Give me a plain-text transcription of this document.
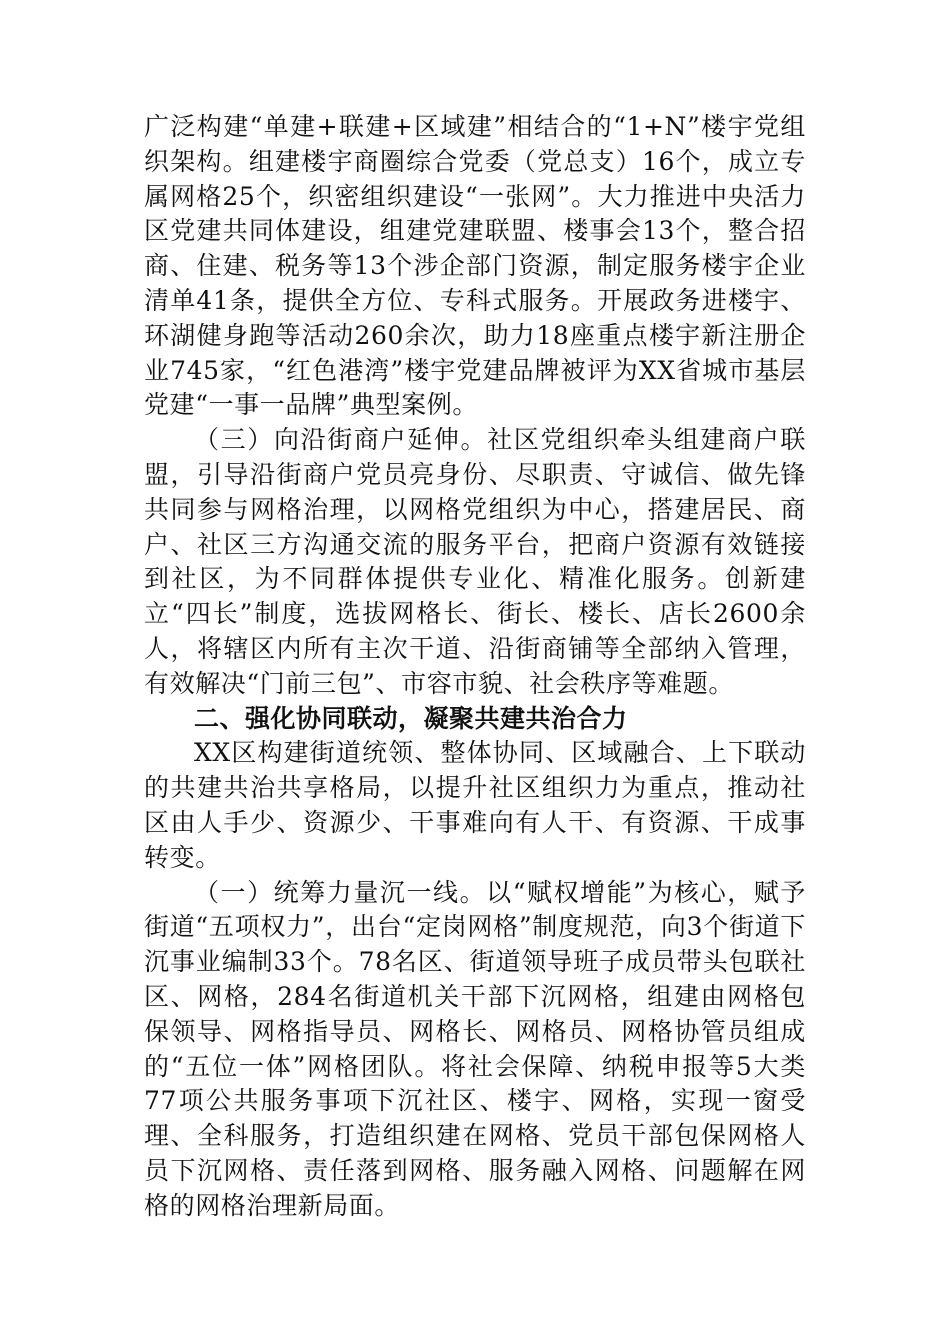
广泛构建“单建+联建+区域建”相结合的“1+N”楼宇党组织架构。组建楼宇商圈综合党委（党总支）16个，成立专属网格25个，织密组织建设“一张网”。大力推进中央活力区党建共同体建设，组建党建联盟、楼事会13个，整合招商、住建、税务等13个涉企部门资源，制定服务楼宇企业清单41条，提供全方位、专科式服务。开展政务进楼宇、环湖健身跑等活动260余次，助力18座重点楼宇新注册企业745家，“红色港湾”楼宇党建品牌被评为XX省城市基层党建“一事一品牌”典型案例。

（三）向沿街商户延伸。社区党组织牵头组建商户联盟，引导沿街商户党员亮身份、尽职责、守诚信、做先锋共同参与网格治理，以网格党组织为中心，搭建居民、商户、社区三方沟通交流的服务平台，把商户资源有效链接到社区，为不同群体提供专业化、精准化服务。创新建立“四长”制度，选拔网格长、街长、楼长、店长2600余人，将辖区内所有主次干道、沿街商铺等全部纳入管理，有效解决“门前三包”、市容市貌、社会秩序等难题。

二、强化协同联动，凝聚共建共治合力

XX区构建街道统领、整体协同、区域融合、上下联动的共建共治共享格局，以提升社区组织力为重点，推动社区由人手少、资源少、干事难向有人干、有资源、干成事转变。

（一）统筹力量沉一线。以“赋权增能”为核心，赋予街道“五项权力”，出台“定岗网格”制度规范，向3个街道下沉事业编制33个。78名区、街道领导班子成员带头包联社区、网格，284名街道机关干部下沉网格，组建由网格包保领导、网格指导员、网格长、网格员、网格协管员组成的“五位一体”网格团队。将社会保障、纳税申报等5大类77项公共服务事项下沉社区、楼宇、网格，实现一窗受理、全科服务，打造组织建在网格、党员干部包保网格人员下沉网格、责任落到网格、服务融入网格、问题解在网格的网格治理新局面。
